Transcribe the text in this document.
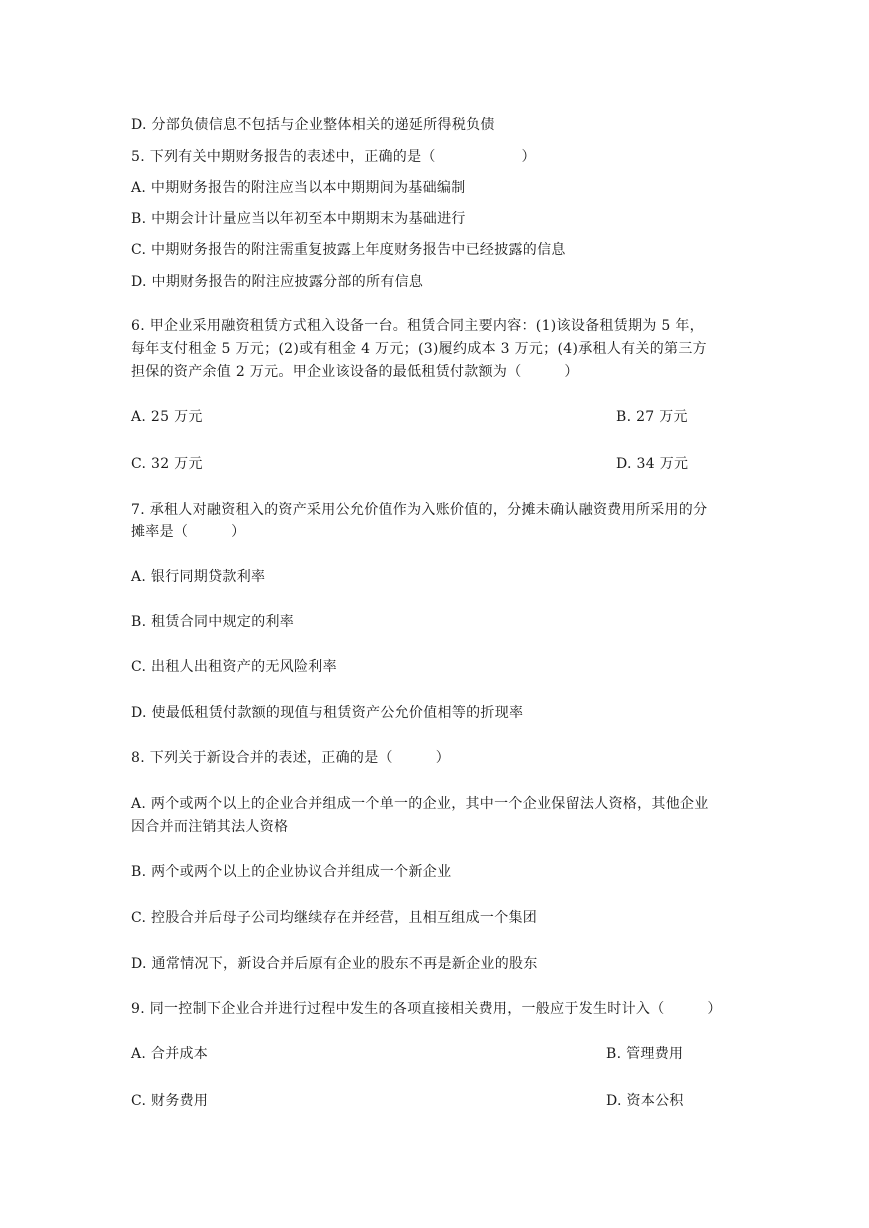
D. 分部负债信息不包括与企业整体相关的递延所得税负债
5. 下列有关中期财务报告的表述中，正确的是（　　　　　　）
A. 中期财务报告的附注应当以本中期期间为基础编制
B. 中期会计计量应当以年初至本中期期末为基础进行
C. 中期财务报告的附注需重复披露上年度财务报告中已经披露的信息
D. 中期财务报告的附注应披露分部的所有信息
6. 甲企业采用融资租赁方式租入设备一台。租赁合同主要内容：(1)该设备租赁期为 5 年，
每年支付租金 5 万元；(2)或有租金 4 万元；(3)履约成本 3 万元；(4)承租人有关的第三方
担保的资产余值 2 万元。甲企业该设备的最低租赁付款额为（　　　）
A. 25 万元	B. 27 万元
C. 32 万元	D. 34 万元
7. 承租人对融资租入的资产采用公允价值作为入账价值的，分摊未确认融资费用所采用的分
摊率是（　　　）
A. 银行同期贷款利率
B. 租赁合同中规定的利率
C. 出租人出租资产的无风险利率
D. 使最低租赁付款额的现值与租赁资产公允价值相等的折现率
8. 下列关于新设合并的表述，正确的是（　　　）
A. 两个或两个以上的企业合并组成一个单一的企业，其中一个企业保留法人资格，其他企业
因合并而注销其法人资格
B. 两个或两个以上的企业协议合并组成一个新企业
C. 控股合并后母子公司均继续存在并经营，且相互组成一个集团
D. 通常情况下，新设合并后原有企业的股东不再是新企业的股东
9. 同一控制下企业合并进行过程中发生的各项直接相关费用，一般应于发生时计入（　　　）
A. 合并成本	B. 管理费用
C. 财务费用	D. 资本公积
